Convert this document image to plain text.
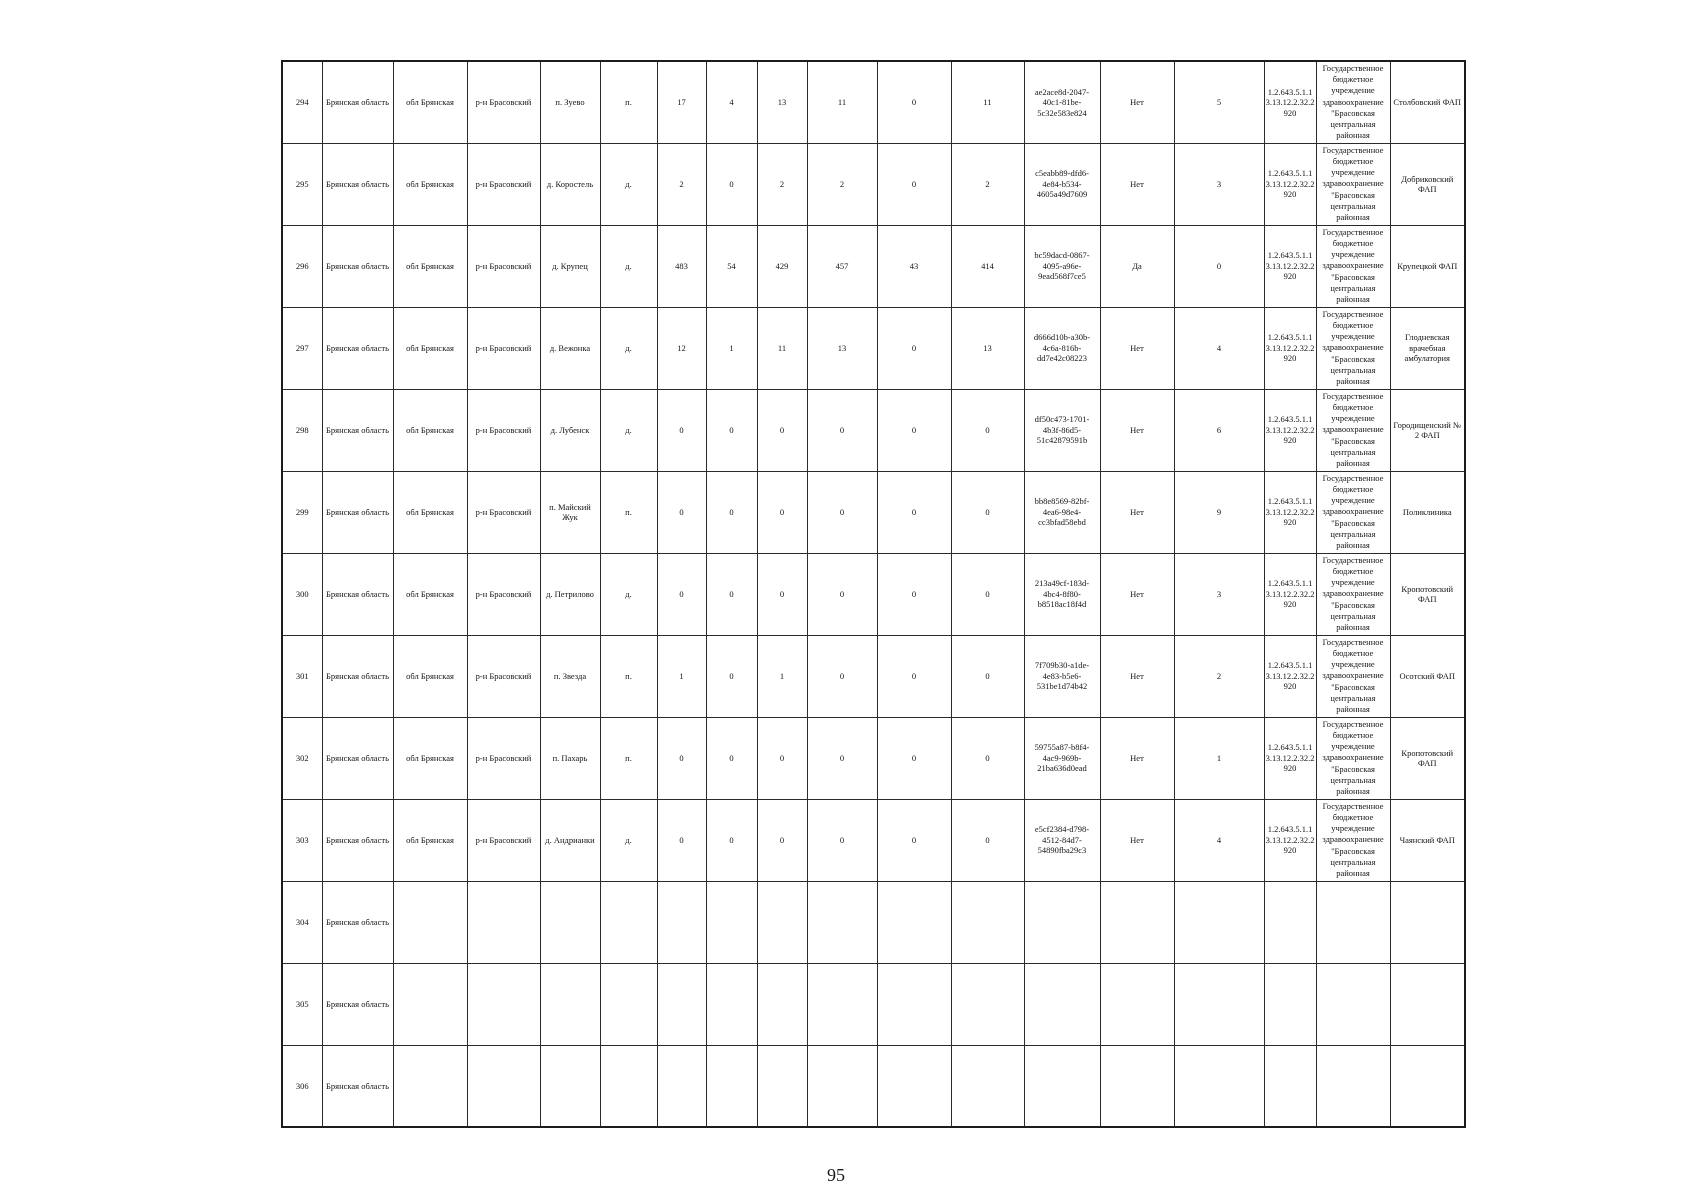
294	Брянская область	обл Брянская	р-н Брасовский	п. Зуево	п.	17	4	13	11	0	11	ae2ace8d-2047-40c1-81be-5c32e583e824	Нет	5	1.2.643.5.1.13.13.12.2.32.2920	Государственное бюджетное учреждение здравоохранение "Брасовская центральная районная	Столбовский ФАП
295	Брянская область	обл Брянская	р-н Брасовский	д. Коростель	д.	2	0	2	2	0	2	c5eabb89-dfd6-4e84-b534-4605a49d7609	Нет	3	1.2.643.5.1.13.13.12.2.32.2920	Государственное бюджетное учреждение здравоохранение "Брасовская центральная районная	Добриковский ФАП
296	Брянская область	обл Брянская	р-н Брасовский	д. Крупец	д.	483	54	429	457	43	414	bc59dacd-0867-4095-a96e-9ead568f7ce5	Да	0	1.2.643.5.1.13.13.12.2.32.2920	Государственное бюджетное учреждение здравоохранение "Брасовская центральная районная	Крупецкой ФАП
297	Брянская область	обл Брянская	р-н Брасовский	д. Вежонка	д.	12	1	11	13	0	13	d666d10b-a30b-4c6a-816b-dd7e42c08223	Нет	4	1.2.643.5.1.13.13.12.2.32.2920	Государственное бюджетное учреждение здравоохранение "Брасовская центральная районная	Глодневская врачебная амбулатория
298	Брянская область	обл Брянская	р-н Брасовский	д. Лубенск	д.	0	0	0	0	0	0	df50c473-1701-4b3f-86d5-51c42879591b	Нет	6	1.2.643.5.1.13.13.12.2.32.2920	Государственное бюджетное учреждение здравоохранение "Брасовская центральная районная	Городищенский № 2 ФАП
299	Брянская область	обл Брянская	р-н Брасовский	п. Майский Жук	п.	0	0	0	0	0	0	bb8e8569-82bf-4ea6-98e4-cc3bfad58ebd	Нет	9	1.2.643.5.1.13.13.12.2.32.2920	Государственное бюджетное учреждение здравоохранение "Брасовская центральная районная	Поликлиника
300	Брянская область	обл Брянская	р-н Брасовский	д. Петрилово	д.	0	0	0	0	0	0	213a49cf-183d-4bc4-8f80-b8518ac18f4d	Нет	3	1.2.643.5.1.13.13.12.2.32.2920	Государственное бюджетное учреждение здравоохранение "Брасовская центральная районная	Кропотовский ФАП
301	Брянская область	обл Брянская	р-н Брасовский	п. Звезда	п.	1	0	1	0	0	0	7f709b30-a1de-4e83-b5e6-531be1d74b42	Нет	2	1.2.643.5.1.13.13.12.2.32.2920	Государственное бюджетное учреждение здравоохранение "Брасовская центральная районная	Осотский ФАП
302	Брянская область	обл Брянская	р-н Брасовский	п. Пахарь	п.	0	0	0	0	0	0	59755a87-b8f4-4ac9-969b-21ba636d0ead	Нет	1	1.2.643.5.1.13.13.12.2.32.2920	Государственное бюджетное учреждение здравоохранение "Брасовская центральная районная	Кропотовский ФАП
303	Брянская область	обл Брянская	р-н Брасовский	д. Андрианки	д.	0	0	0	0	0	0	e5cf2384-d798-4512-84d7-54890fba29c3	Нет	4	1.2.643.5.1.13.13.12.2.32.2920	Государственное бюджетное учреждение здравоохранение "Брасовская центральная районная	Чаянский ФАП
304	Брянская область																
305	Брянская область																
306	Брянская область																
95
